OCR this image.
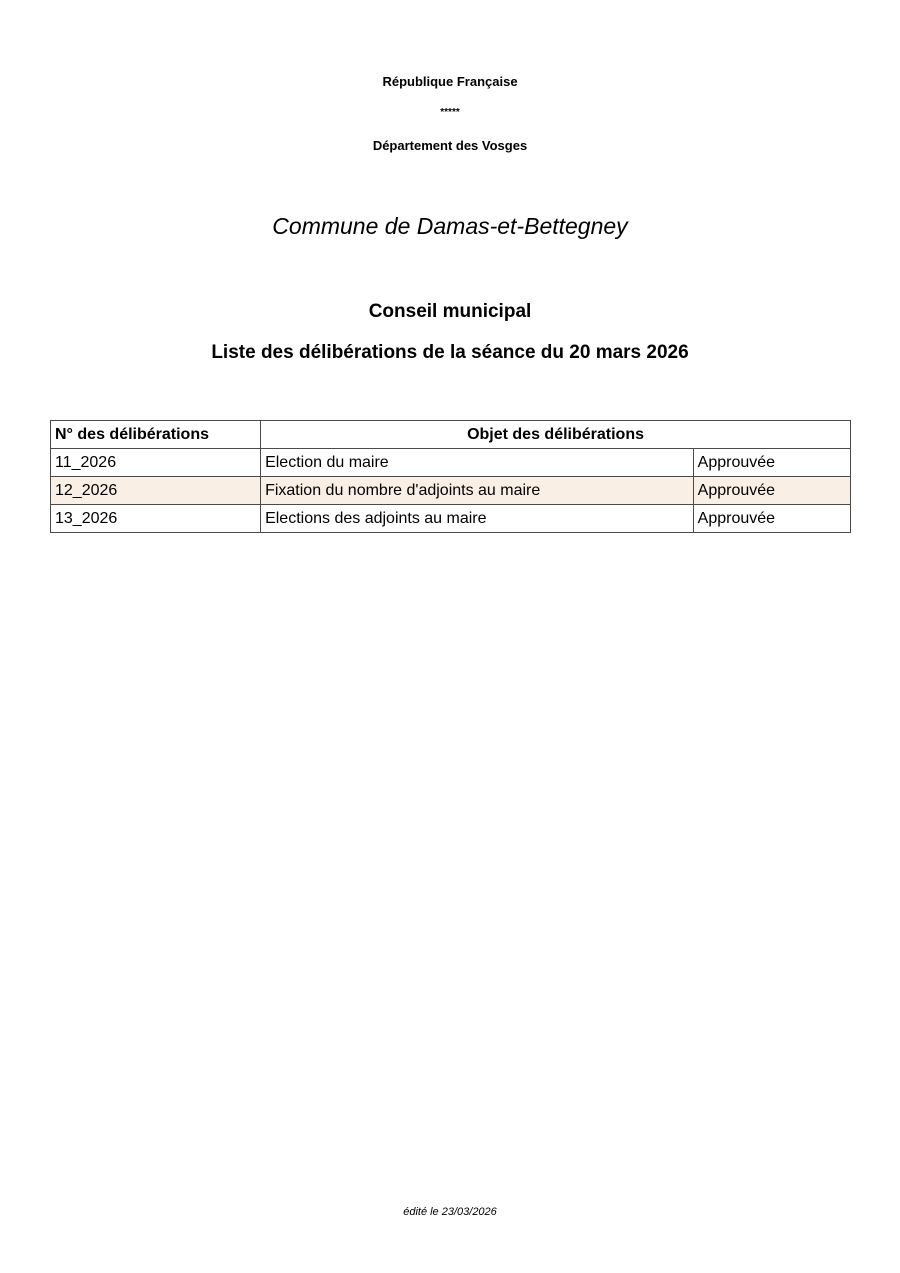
République Française

*****

Département des Vosges

Commune de Damas-et-Bettegney
Conseil municipal
Liste des délibérations de la séance du 20 mars 2026
N° des délibérations	Objet des délibérations	
11_2026	Election du maire	Approuvée
12_2026	Fixation du nombre d'adjoints au maire	Approuvée
13_2026	Elections des adjoints au maire	Approuvée

édité le 23/03/2026
